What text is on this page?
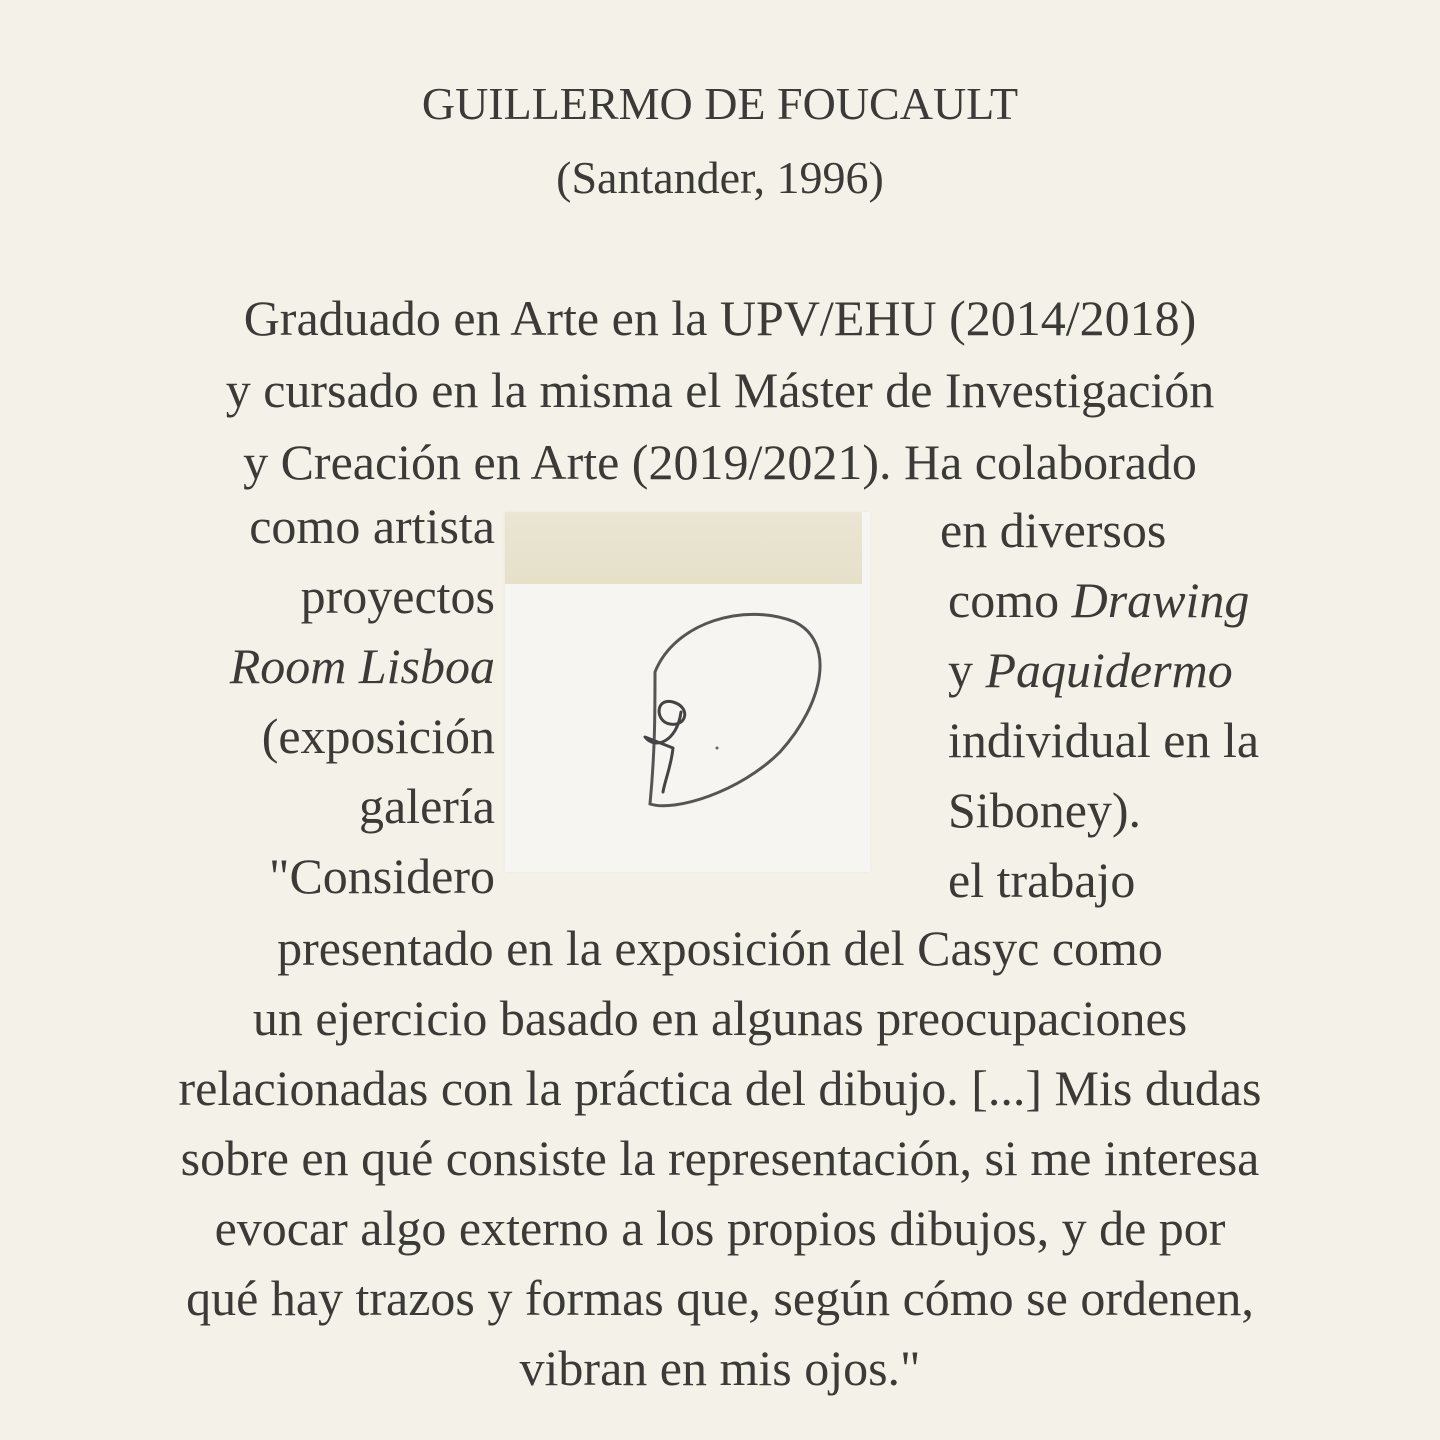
GUILLERMO DE FOUCAULT
(Santander, 1996)
Graduado en Arte en la UPV/EHU (2014/2018)
y cursado en la misma el Máster de Investigación
y Creación en Arte (2019/2021). Ha colaborado
como artista
proyectos
Room Lisboa
(exposición
galería
"Considero
en diversos
como Drawing
y Paquidermo
individual en la
Siboney).
el trabajo
presentado en la exposición del Casyc como
un ejercicio basado en algunas preocupaciones
relacionadas con la práctica del dibujo. [...] Mis dudas
sobre en qué consiste la representación, si me interesa
evocar algo externo a los propios dibujos, y de por
qué hay trazos y formas que, según cómo se ordenen,
vibran en mis ojos."
